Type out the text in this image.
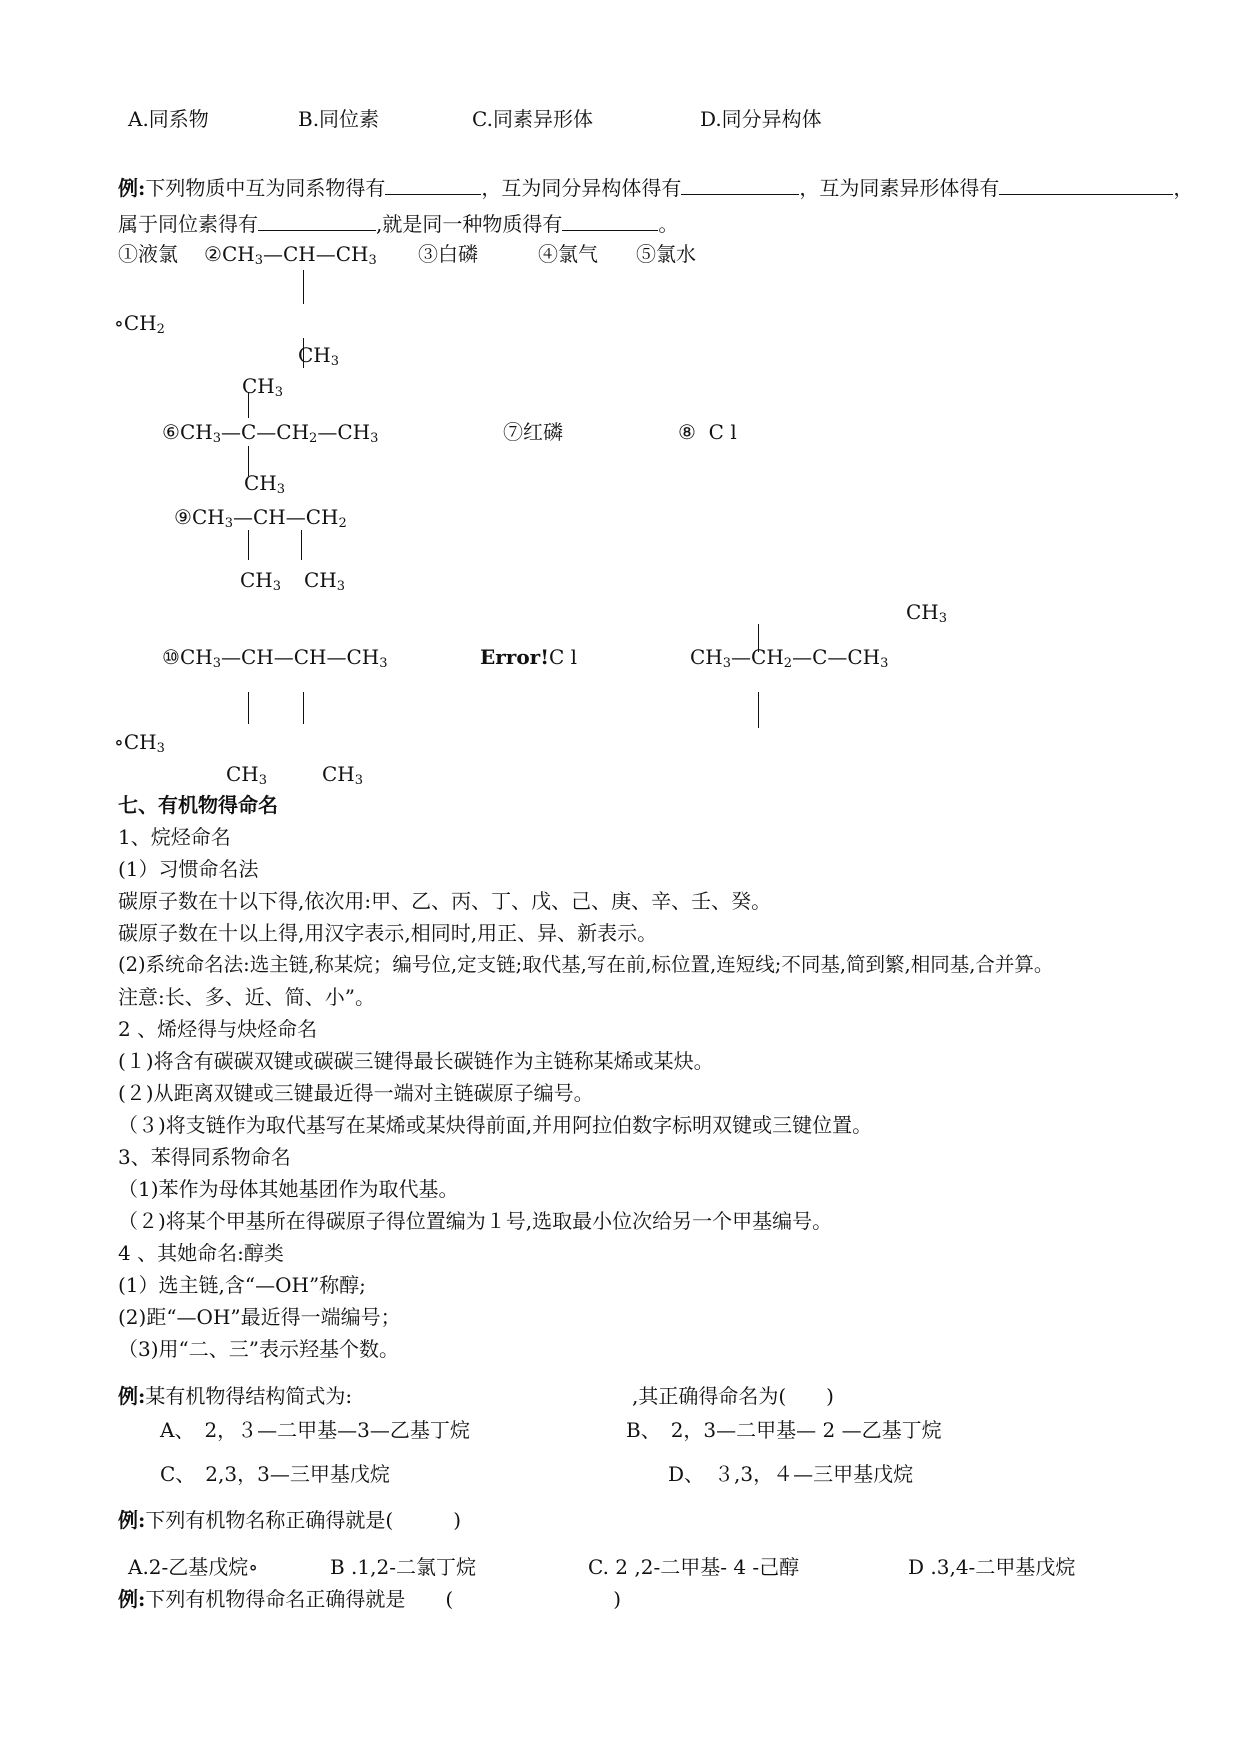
A.同系物	B.同位素	C.同素异形体	D.同分异构体
例:下列物质中互为同系物得有	，互为同分异构体得有	，互为同素异形体得有	，
属于同位素得有	,就是同一种物质得有	。
①液氯 $②CH_3—CH—CH_3$ ③白磷	④氯气 ⑤氯水
$\circ CH_2$
$CH_3$
$CH_3$
$⑥CH_3—C—CH_2—CH_3$	⑦红磷	⑧ C l
$CH_3$
$⑨CH_3—CH—CH_2$
$CH_3$ $CH_3$
$CH_3$
$⑩CH_3—CH—CH—CH_3$	Error!C l	$CH_3—CH_2—C—CH_3$
$\circ CH_3$
$CH_3$	$CH_3$
七、有机物得命名
1、烷烃命名
(1）习惯命名法
碳原子数在十以下得,依次用:甲、乙、丙、丁、戊、己、庚、辛、壬、癸。
碳原子数在十以上得,用汉字表示,相同时,用正、异、新表示。
(2)系统命名法:选主链,称某烷；编号位,定支链;取代基,写在前,标位置,连短线;不同基,简到繁,相同基,合并算。
注意:长、多、近、简、小”。
2 、烯烃得与炔烃命名
(１)将含有碳碳双键或碳碳三键得最长碳链作为主链称某烯或某炔。
(２)从距离双键或三键最近得一端对主链碳原子编号。
（３)将支链作为取代基写在某烯或某炔得前面,并用阿拉伯数字标明双键或三键位置。
3、苯得同系物命名
（1)苯作为母体其她基团作为取代基。
（２)将某个甲基所在得碳原子得位置编为１号,选取最小位次给另一个甲基编号。
4 、其她命名:醇类
(1）选主链,含“—OH”称醇;
(2)距“—OH”最近得一端编号；
（3)用“二、三”表示羟基个数。
例:某有机物得结构简式为:	,其正确得命名为(　　)
A、　2，３—二甲基—3—乙基丁烷	B、　2，3—二甲基— 2 —乙基丁烷
C、　2,3，3—三甲基戊烷	D、　３,3，４—三甲基戊烷
例:下列有机物名称正确得就是(　　　)
A.2-乙基戊烷∘	B .1,2-二氯丁烷	C. 2 ,2-二甲基- 4 -己醇	D .3,4-二甲基戊烷
例:下列有机物得命名正确得就是　　(　　　　　　　　)
